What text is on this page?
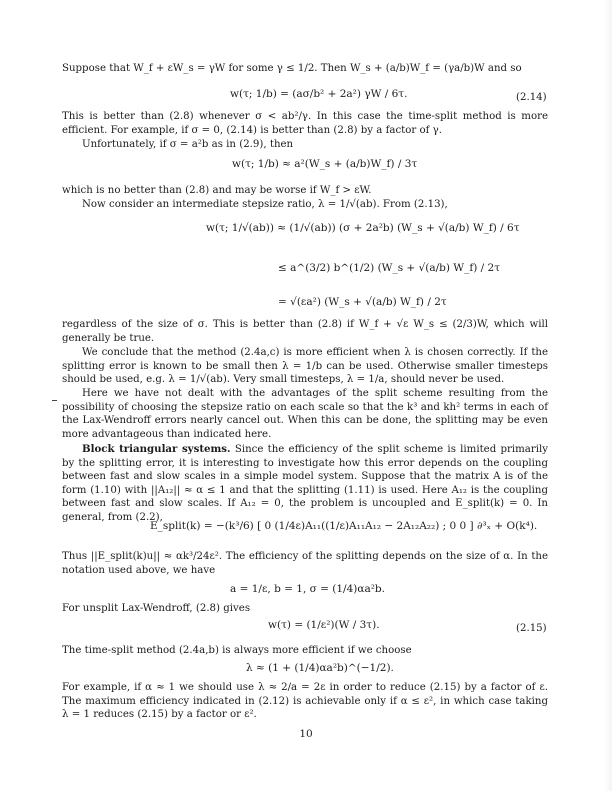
Suppose that W_f + εW_s = γW for some γ ≤ 1/2. Then W_s + (a/b)W_f = (γa/b)W and so

w(τ; 1/b) = (aσ/b² + 2a²) γW / 6τ.	(2.14)

This is better than (2.8) whenever σ < ab²/γ. In this case the time-split method is more efficient. For example, if σ = 0, (2.14) is better than (2.8) by a factor of γ.

Unfortunately, if σ = a²b as in (2.9), then

w(τ; 1/b) ≈ a²(W_s + (a/b)W_f) / 3τ

which is no better than (2.8) and may be worse if W_f > εW.

Now consider an intermediate stepsize ratio, λ = 1/√(ab). From (2.13),

w(τ; 1/√(ab)) ≈ (1/√(ab)) (σ + 2a²b) (W_s + √(a/b) W_f) / 6τ
≤ a^(3/2) b^(1/2) (W_s + √(a/b) W_f) / 2τ
= √(εa²) (W_s + √(a/b) W_f) / 2τ

regardless of the size of σ. This is better than (2.8) if W_f + √ε W_s ≤ (2/3)W, which will generally be true.

We conclude that the method (2.4a,c) is more efficient when λ is chosen correctly. If the splitting error is known to be small then λ = 1/b can be used. Otherwise smaller timesteps should be used, e.g. λ = 1/√(ab). Very small timesteps, λ = 1/a, should never be used.

Here we have not dealt with the advantages of the split scheme resulting from the possibility of choosing the stepsize ratio on each scale so that the k³ and kh² terms in each of the Lax-Wendroff errors nearly cancel out. When this can be done, the splitting may be even more advantageous than indicated here.

Block triangular systems. Since the efficiency of the split scheme is limited primarily by the splitting error, it is interesting to investigate how this error depends on the coupling between fast and slow scales in a simple model system. Suppose that the matrix A is of the form (1.10) with ||A₁₂|| ≈ α ≤ 1 and that the splitting (1.11) is used. Here A₁₂ is the coupling between fast and slow scales. If A₁₂ = 0, the problem is uncoupled and E_split(k) = 0. In general, from (2.2),

E_split(k) = −(k³/6) [ 0 (1/4ε)A₁₁((1/ε)A₁₁A₁₂ − 2A₁₂A₂₂) ; 0 0 ] ∂³ₓ + O(k⁴).

Thus ||E_split(k)u|| ≈ αk³/24ε². The efficiency of the splitting depends on the size of α. In the notation used above, we have

a = 1/ε, b = 1, σ = (1/4)αa²b.

For unsplit Lax-Wendroff, (2.8) gives

w(τ) = (1/ε²)(W / 3τ).	(2.15)

The time-split method (2.4a,b) is always more efficient if we choose

λ ≈ (1 + (1/4)αa²b)^(−1/2).

For example, if α ≈ 1 we should use λ ≈ 2/a = 2ε in order to reduce (2.15) by a factor of ε. The maximum efficiency indicated in (2.12) is achievable only if α ≤ ε², in which case taking λ = 1 reduces (2.15) by a factor or ε².

10
